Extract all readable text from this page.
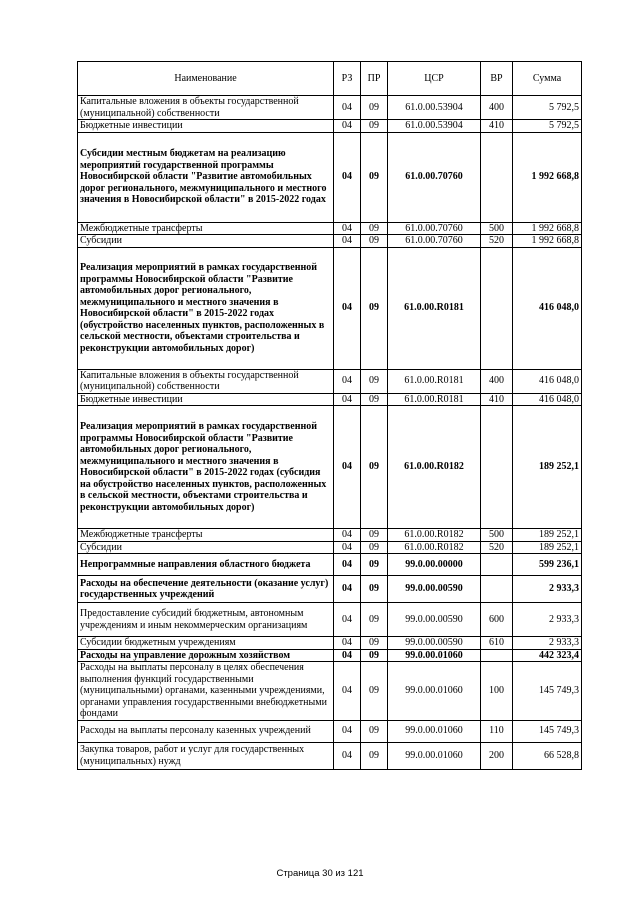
Наименование	РЗ	ПР	ЦСР	ВР	Сумма
Капитальные вложения в объекты государственной (муниципальной) собственности	04	09	61.0.00.53904	400	5 792,5
Бюджетные инвестиции	04	09	61.0.00.53904	410	5 792,5
Субсидии местным бюджетам на реализацию мероприятий государственной программы Новосибирской области "Развитие автомобильных дорог регионального, межмуниципального и местного значения в Новосибирской области" в 2015-2022 годах	04	09	61.0.00.70760		1 992 668,8
Межбюджетные трансферты	04	09	61.0.00.70760	500	1 992 668,8
Субсидии	04	09	61.0.00.70760	520	1 992 668,8
Реализация мероприятий в рамках государственной программы Новосибирской области "Развитие автомобильных дорог регионального, межмуниципального и местного значения в Новосибирской области" в 2015-2022 годах (обустройство населенных пунктов, расположенных в сельской местности, объектами строительства и реконструкции автомобильных дорог)	04	09	61.0.00.R0181		416 048,0
Капитальные вложения в объекты государственной (муниципальной) собственности	04	09	61.0.00.R0181	400	416 048,0
Бюджетные инвестиции	04	09	61.0.00.R0181	410	416 048,0
Реализация мероприятий в рамках государственной программы Новосибирской области "Развитие автомобильных дорог регионального, межмуниципального и местного значения в Новосибирской области" в 2015-2022 годах (субсидия на обустройство населенных пунктов, расположенных в сельской местности, объектами строительства и реконструкции автомобильных дорог)	04	09	61.0.00.R0182		189 252,1
Межбюджетные трансферты	04	09	61.0.00.R0182	500	189 252,1
Субсидии	04	09	61.0.00.R0182	520	189 252,1
Непрограммные направления областного бюджета	04	09	99.0.00.00000		599 236,1
Расходы на обеспечение деятельности (оказание услуг) государственных учреждений	04	09	99.0.00.00590		2 933,3
Предоставление субсидий бюджетным, автономным учреждениям и иным некоммерческим организациям	04	09	99.0.00.00590	600	2 933,3
Субсидии бюджетным учреждениям	04	09	99.0.00.00590	610	2 933,3
Расходы на управление дорожным хозяйством	04	09	99.0.00.01060		442 323,4
Расходы на выплаты персоналу в целях обеспечения выполнения функций государственными (муниципальными) органами, казенными учреждениями, органами управления государственными внебюджетными фондами	04	09	99.0.00.01060	100	145 749,3
Расходы на выплаты персоналу казенных учреждений	04	09	99.0.00.01060	110	145 749,3
Закупка товаров, работ и услуг для государственных (муниципальных) нужд	04	09	99.0.00.01060	200	66 528,8
Страница 30 из 121
